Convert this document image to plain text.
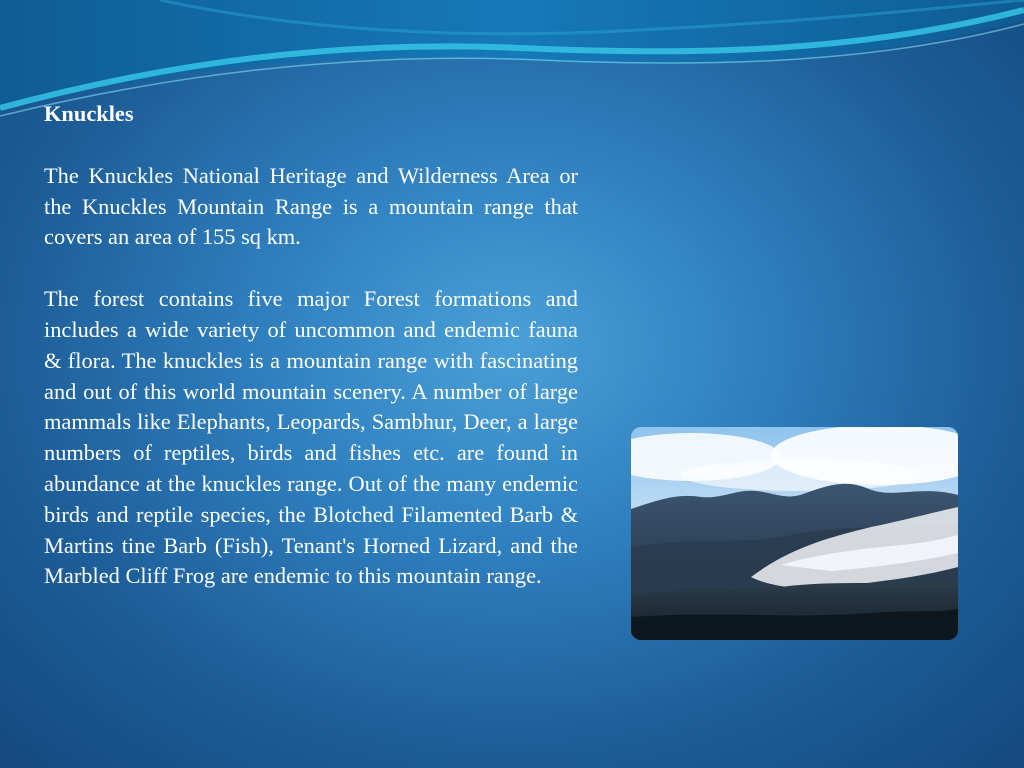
Knuckles

The Knuckles National Heritage and Wilderness Area or the Knuckles Mountain Range is a mountain range that covers an area of 155 sq km.

The forest contains five major Forest formations and includes a wide variety of uncommon and endemic fauna & flora. The knuckles is a mountain range with fascinating and out of this world mountain scenery. A number of large mammals like Elephants, Leopards, Sambhur, Deer, a large numbers of reptiles, birds and fishes etc. are found in abundance at the knuckles range. Out of the many endemic birds and reptile species, the Blotched Filamented Barb & Martins tine Barb (Fish), Tenant's Horned Lizard, and the Marbled Cliff Frog are endemic to this mountain range.
